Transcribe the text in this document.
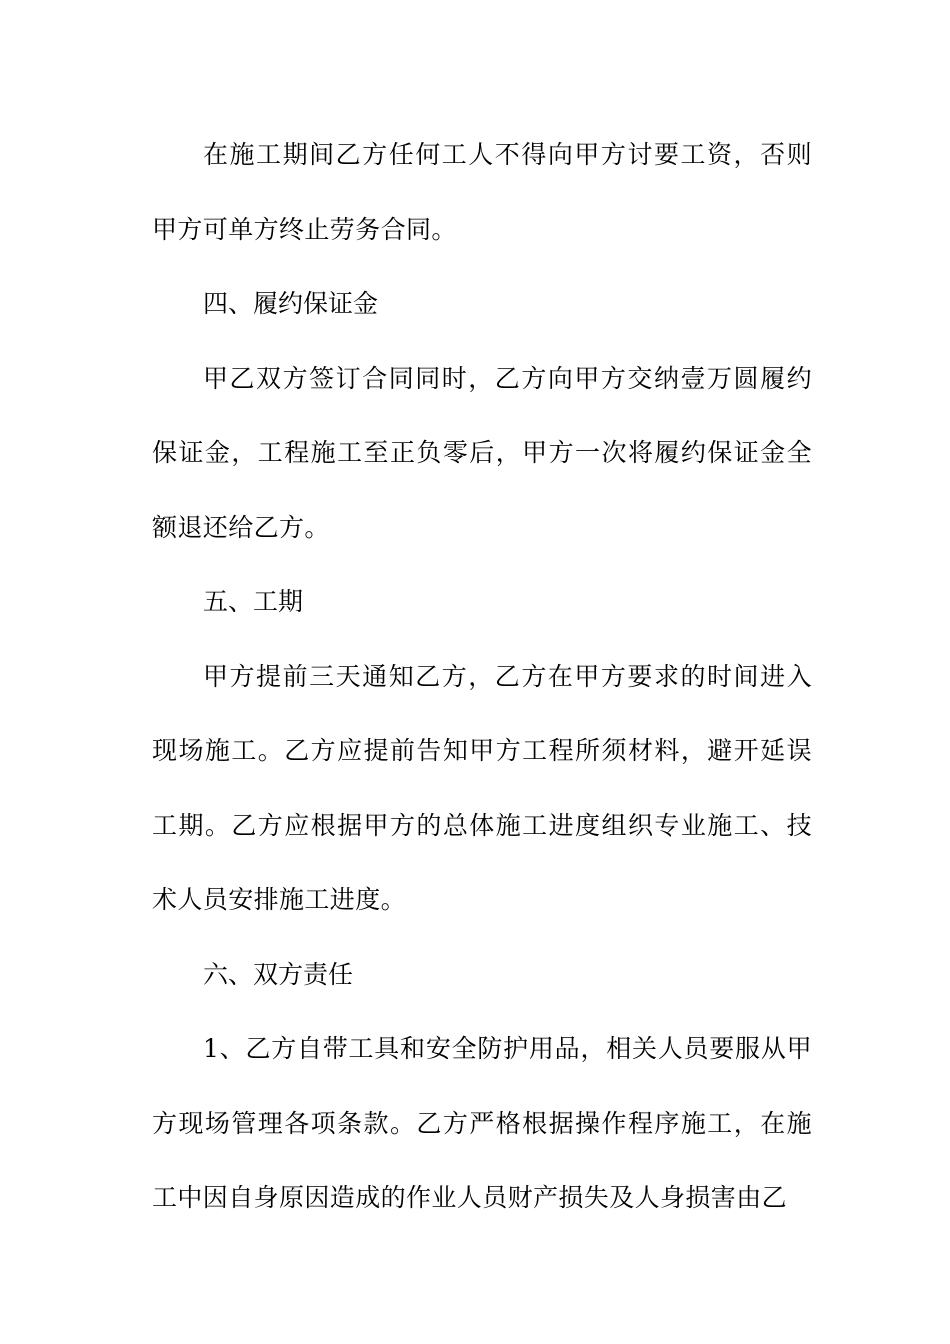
在施工期间乙方任何工人不得向甲方讨要工资，否则甲方可单方终止劳务合同。

四、履约保证金

甲乙双方签订合同同时，乙方向甲方交纳壹万圆履约保证金，工程施工至正负零后，甲方一次将履约保证金全额退还给乙方。

五、工期

甲方提前三天通知乙方，乙方在甲方要求的时间进入现场施工。乙方应提前告知甲方工程所须材料，避开延误工期。乙方应根据甲方的总体施工进度组织专业施工、技术人员安排施工进度。

六、双方责任

1、乙方自带工具和安全防护用品，相关人员要服从甲方现场管理各项条款。乙方严格根据操作程序施工，在施工中因自身原因造成的作业人员财产损失及人身损害由乙
